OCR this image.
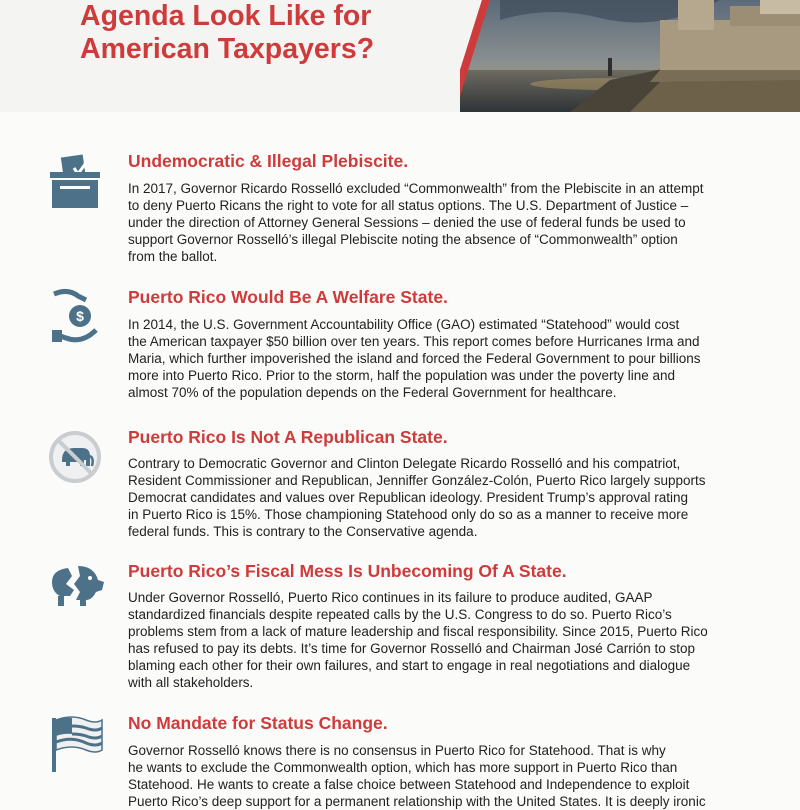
Agenda Look Like for
American Taxpayers?
Undemocratic & Illegal Plebiscite.
In 2017, Governor Ricardo Rosselló excluded “Commonwealth” from the Plebiscite in an attempt
to deny Puerto Ricans the right to vote for all status options. The U.S. Department of Justice –
under the direction of Attorney General Sessions – denied the use of federal funds be used to
support Governor Rosselló’s illegal Plebiscite noting the absence of “Commonwealth” option
from the ballot.
$
Puerto Rico Would Be A Welfare State.
In 2014, the U.S. Government Accountability Office (GAO) estimated “Statehood” would cost
the American taxpayer $50 billion over ten years. This report comes before Hurricanes Irma and
Maria, which further impoverished the island and forced the Federal Government to pour billions
more into Puerto Rico. Prior to the storm, half the population was under the poverty line and
almost 70% of the population depends on the Federal Government for healthcare.
Puerto Rico Is Not A Republican State.
Contrary to Democratic Governor and Clinton Delegate Ricardo Rosselló and his compatriot,
Resident Commissioner and Republican, Jenniffer González-Colón, Puerto Rico largely supports
Democrat candidates and values over Republican ideology. President Trump’s approval rating
in Puerto Rico is 15%. Those championing Statehood only do so as a manner to receive more
federal funds. This is contrary to the Conservative agenda.
Puerto Rico’s Fiscal Mess Is Unbecoming Of A State.
Under Governor Rosselló, Puerto Rico continues in its failure to produce audited, GAAP
standardized financials despite repeated calls by the U.S. Congress to do so. Puerto Rico’s
problems stem from a lack of mature leadership and fiscal responsibility. Since 2015, Puerto Rico
has refused to pay its debts. It’s time for Governor Rosselló and Chairman José Carrión to stop
blaming each other for their own failures, and start to engage in real negotiations and dialogue
with all stakeholders.
No Mandate for Status Change.
Governor Rosselló knows there is no consensus in Puerto Rico for Statehood. That is why
he wants to exclude the Commonwealth option, which has more support in Puerto Rico than
Statehood. He wants to create a false choice between Statehood and Independence to exploit
Puerto Rico’s deep support for a permanent relationship with the United States. It is deeply ironic
